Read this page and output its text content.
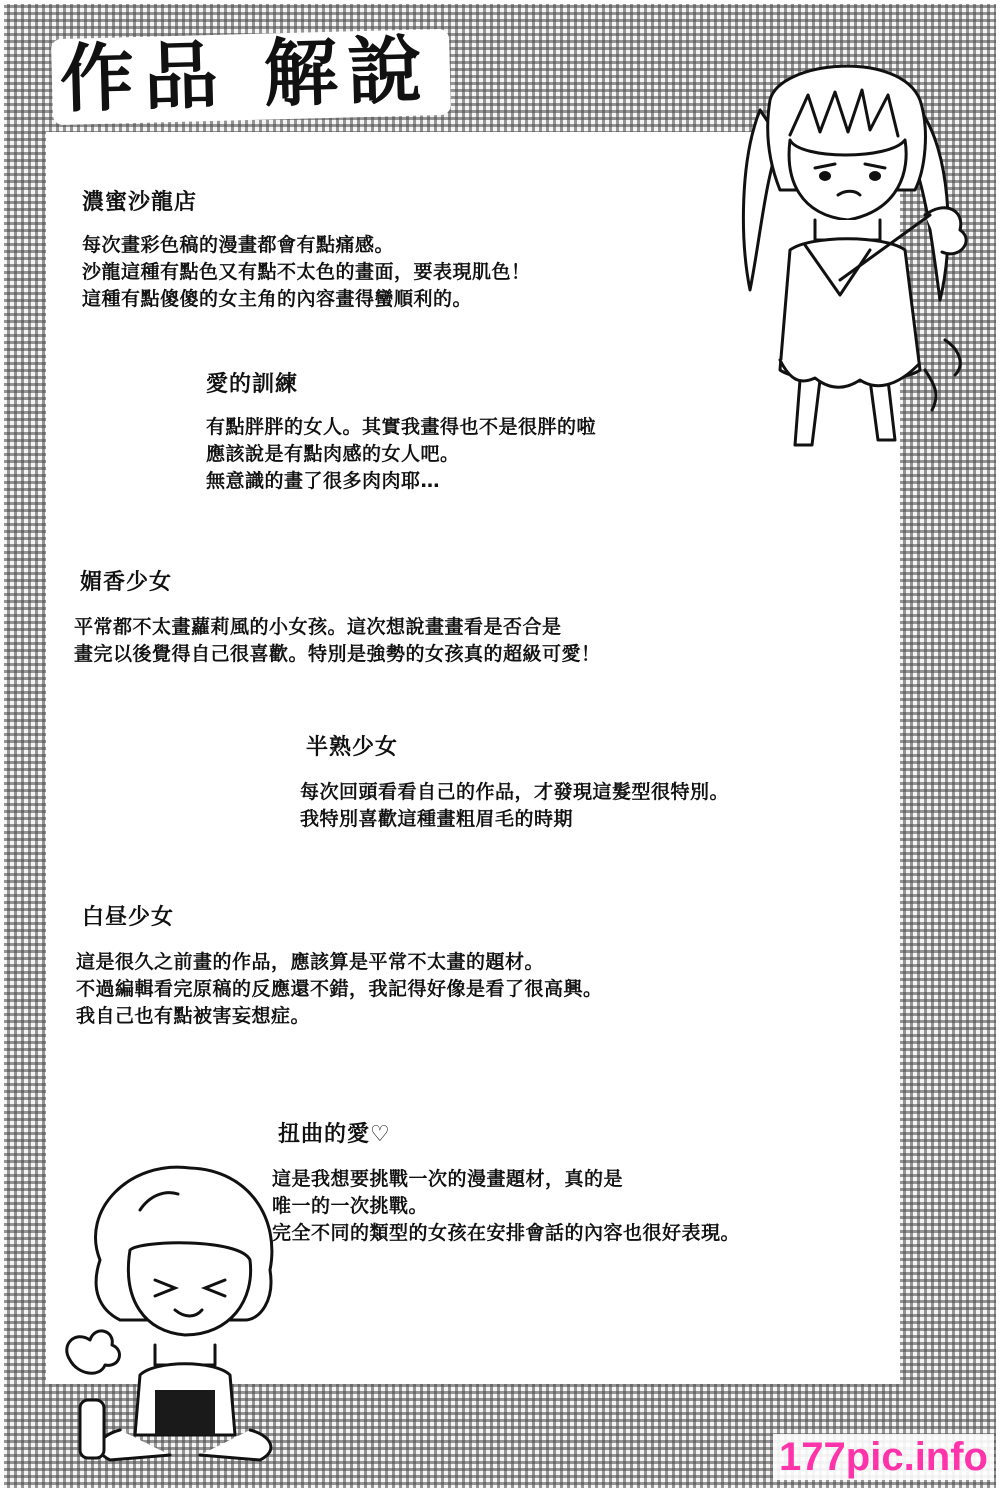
作品 解說
濃蜜沙龍店

每次畫彩色稿的漫畫都會有點痛感。

沙龍這種有點色又有點不太色的畫面，要表現肌色！

這種有點傻傻的女主角的內容畫得蠻順利的。

愛的訓練

有點胖胖的女人。其實我畫得也不是很胖的啦

應該說是有點肉感的女人吧。

無意識的畫了很多肉肉耶…

媚香少女

平常都不太畫蘿莉風的小女孩。這次想說畫畫看是否合是

畫完以後覺得自己很喜歡。特別是強勢的女孩真的超級可愛！

半熟少女

每次回頭看看自己的作品，才發現這髮型很特別。

我特別喜歡這種畫粗眉毛的時期

白昼少女

這是很久之前畫的作品，應該算是平常不太畫的題材。

不過編輯看完原稿的反應還不錯，我記得好像是看了很高興。

我自己也有點被害妄想症。

扭曲的愛♡

這是我想要挑戰一次的漫畫題材，真的是

唯一的一次挑戰。

完全不同的類型的女孩在安排會話的內容也很好表現。

177pic.info
